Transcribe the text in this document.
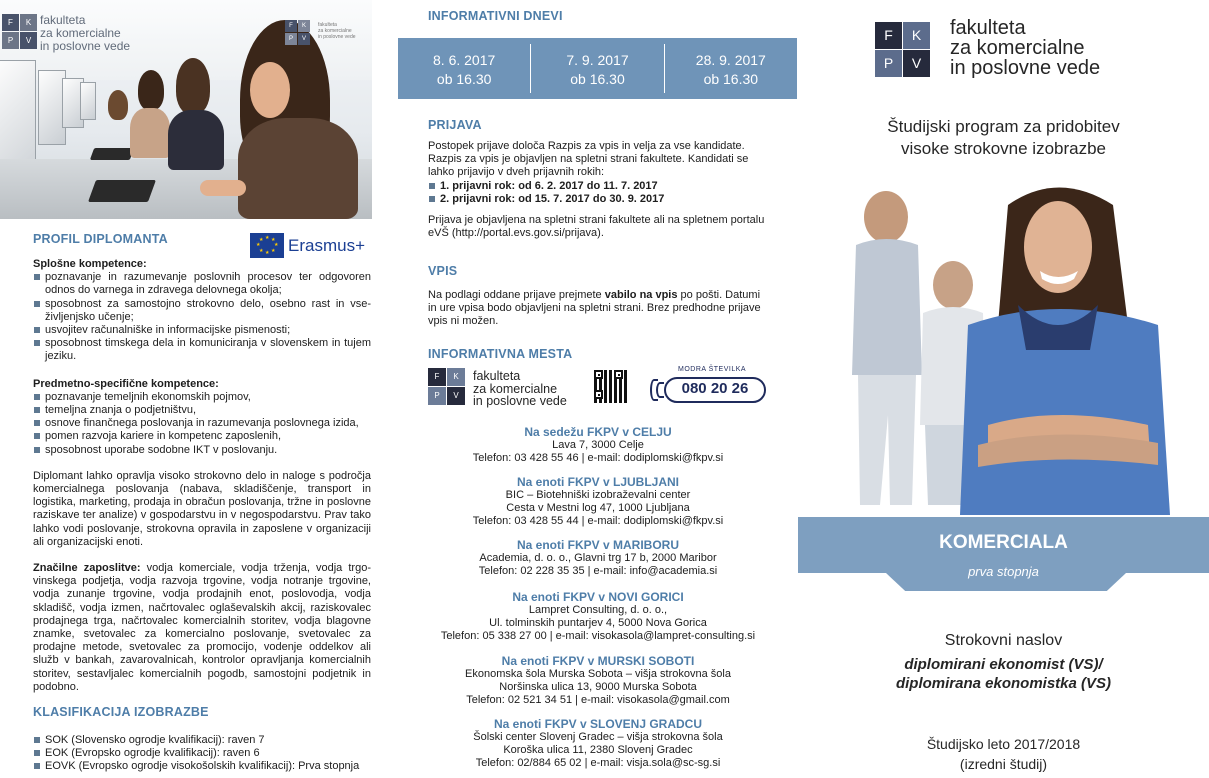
F	K
P	V
fakulteta
za komercialne
in poslovne vede
F	K
P	V
fakulteta
za komercialne
in poslovne vede
PROFIL DIPLOMANTA	★ ★
★
★
★
★
★
★ Erasmus+
Splošne kompetence:
poznavanje in razumevanje poslovnih procesov ter odgovoren odnos do varnega in zdravega delovnega okolja;
sposobnost za samostojno strokovno delo, osebno rast in vseživljenjsko učenje;
usvojitev računalniške in informacijske pismenosti;
sposobnost timskega dela in komuniciranja v slovenskem in tujem jeziku.
Predmetno-specifične kompetence:
poznavanje temeljnih ekonomskih pojmov,
temeljna znanja o podjetništvu,
osnove finančnega poslovanja in razumevanja poslovnega izida,
pomen razvoja kariere in kompetenc zaposlenih,
sposobnost uporabe sodobne IKT v poslovanju.

Diplomant lahko opravlja visoko strokovno delo in naloge s področja komercialnega poslovanja (nabava, skladiščenje, transport in logistika, marketing, prodaja in obračun poslovanja, tržne in poslovne raziskave ter analize) v gospodarstvu in v negospodarstvu. Prav tako lahko vodi poslovanje, strokovna opravila in zaposlene v organizaciji ali organizacijski enoti.

Značilne zaposlitve: vodja komerciale, vodja trženja, vodja trgovinskega podjetja, vodja razvoja trgovine, vodja notranje trgovine, vodja zunanje trgovine, vodja prodajnih enot, poslovodja, vodja skladišč, vodja izmen, načrtovalec oglaševalskih akcij, raziskovalec prodajnega trga, načrtovalec komercialnih storitev, vodja blagovne znamke, svetovalec za komercialno poslovanje, svetovalec za prodajne metode, svetovalec za promocijo, vodenje oddelkov ali služb v bankah, zavarovalnicah, kontrolor opravljanja komercialnih storitev, sestavljalec komercialnih pogodb, samostojni podjetnik in podobno.

KLASIFIKACIJA IZOBRAZBE
SOK (Slovensko ogrodje kvalifikacij): raven 7
EOK (Evropsko ogrodje kvalifikacij): raven 6
EOVK (Evropsko ogrodje visokošolskih kvalifikacij): Prva stopnja
INFORMATIVNI DNEVI
8. 6. 2017
ob 16.30
7. 9. 2017
ob 16.30
28. 9. 2017
ob 16.30
PRIJAVA

Postopek prijave določa Razpis za vpis in velja za vse kandidate. Razpis za vpis je objavljen na spletni strani fakultete. Kandidati se lahko prijavijo v dveh prijavnih rokih:

1. prijavni rok: od 6. 2. 2017 do 11. 7. 2017
2. prijavni rok: od 15. 7. 2017 do 30. 9. 2017

Prijava je objavljena na spletni strani fakultete ali na spletnem portalu eVŠ (http://portal.evs.gov.si/prijava).

VPIS

Na podlagi oddane prijave prejmete vabilo na vpis po pošti. Datumi in ure vpisa bodo objavljeni na spletni strani. Brez predhodne prijave vpis ni možen.

INFORMATIVNA MESTA
F	K
P	V
fakulteta
za komercialne
in poslovne vede
MODRA ŠTEVILKA
080 20 26
Na sedežu FKPV v CELJU
Lava 7, 3000 Celje
Telefon: 03 428 55 46 | e-mail: dodiplomski@fkpv.si
Na enoti FKPV v LJUBLJANI
BIC – Biotehniški izobraževalni center
Cesta v Mestni log 47, 1000 Ljubljana
Telefon: 03 428 55 44 | e-mail: dodiplomski@fkpv.si
Na enoti FKPV v MARIBORU
Academia, d. o. o., Glavni trg 17 b, 2000 Maribor
Telefon: 02 228 35 35 | e-mail: info@academia.si
Na enoti FKPV v NOVI GORICI
Lampret Consulting, d. o. o.,
Ul. tolminskih puntarjev 4, 5000 Nova Gorica
Telefon: 05 338 27 00 | e-mail: visokasola@lampret-consulting.si
Na enoti FKPV v MURSKI SOBOTI
Ekonomska šola Murska Sobota – višja strokovna šola
Noršinska ulica 13, 9000 Murska Sobota
Telefon: 02 521 34 51 | e-mail: visokasola@gmail.com
Na enoti FKPV v SLOVENJ GRADCU
Šolski center Slovenj Gradec – višja strokovna šola
Koroška ulica 11, 2380 Slovenj Gradec
Telefon: 02/884 65 02 | e-mail: visja.sola@sc-sg.si
F	K
P	V
fakulteta
za komercialne
in poslovne vede
Študijski program za pridobitev
visoke strokovne izobrazbe
KOMERCIALA
prva stopnja
Strokovni naslov
diplomirani ekonomist (VS)/
diplomirana ekonomistka (VS)
Študijsko leto 2017/2018
(izredni študij)
